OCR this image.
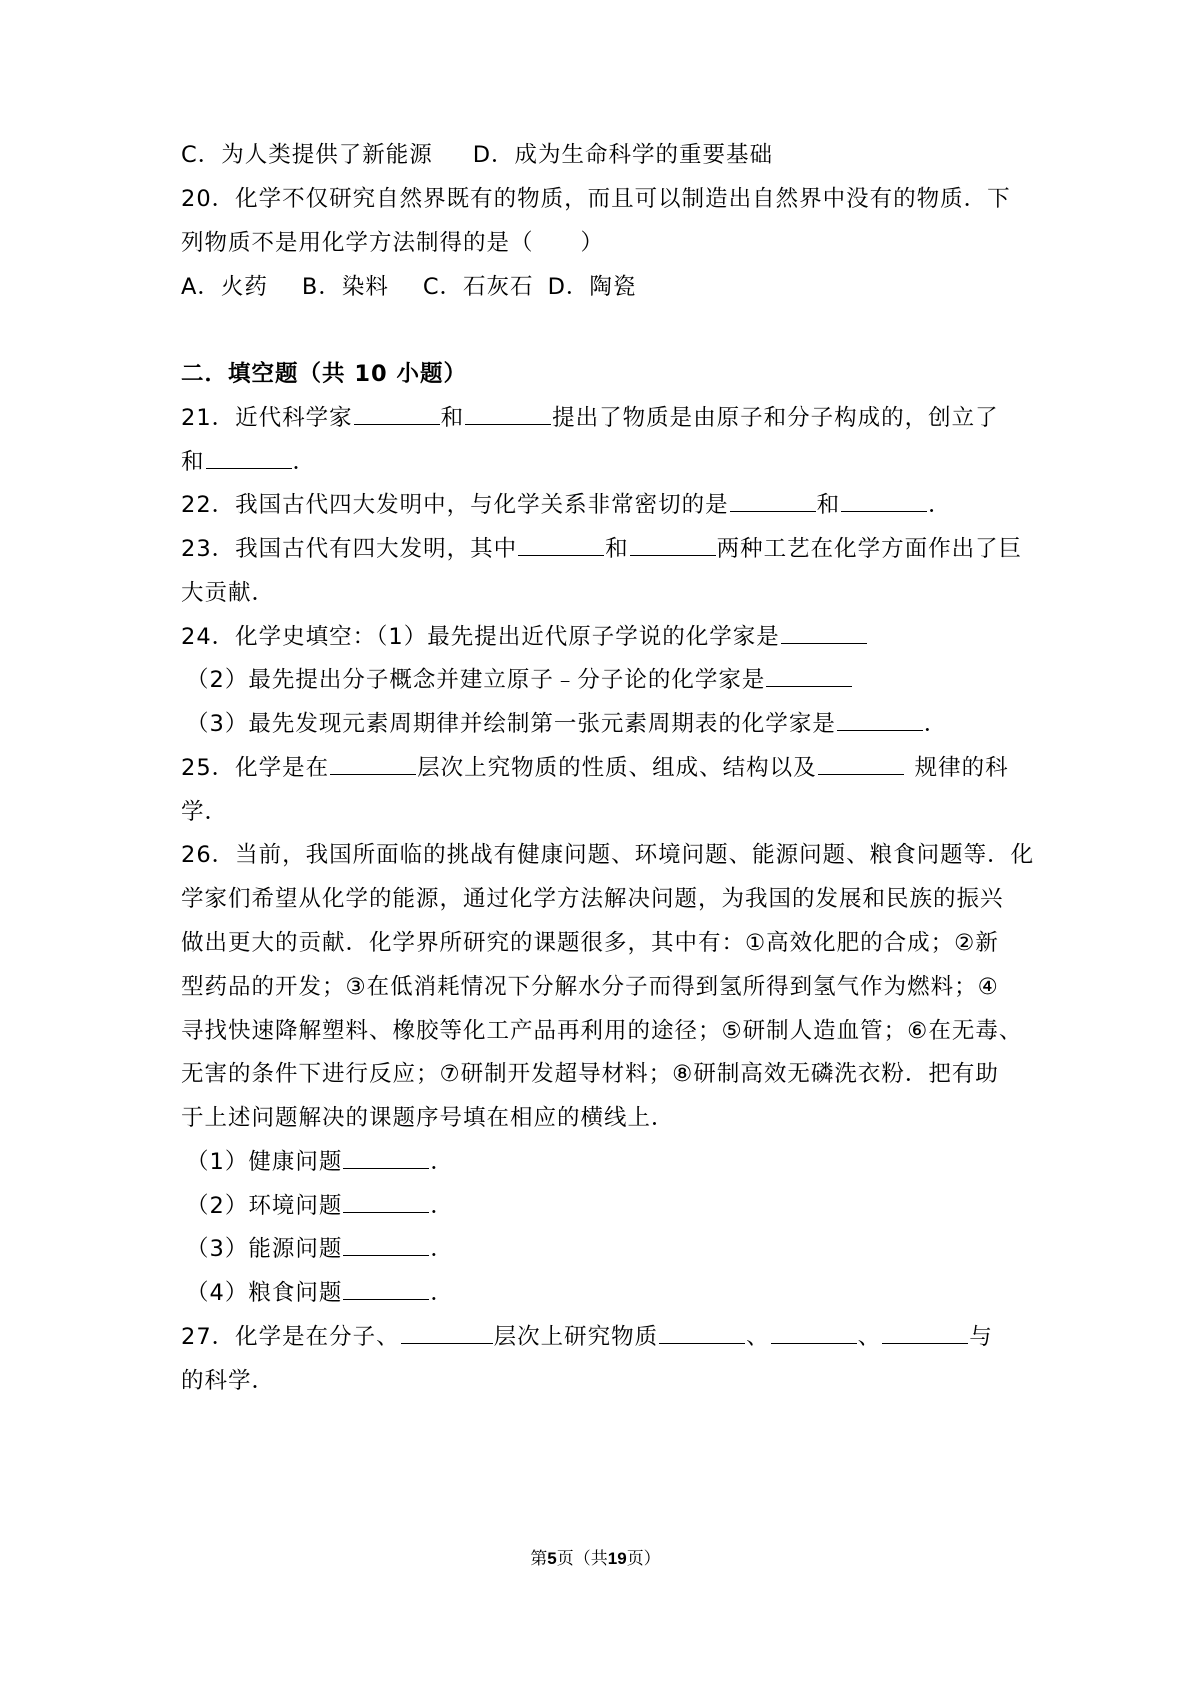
C．为人类提供了新能源 D．成为生命科学的重要基础
20．化学不仅研究自然界既有的物质，而且可以制造出自然界中没有的物质．下
列物质不是用化学方法制得的是（　　）
A．火药 B．染料 C．石灰石 D．陶瓷
二．填空题（共 10 小题）
21．近代科学家	和	提出了物质是由原子和分子构成的，创立了
和	．
22．我国古代四大发明中，与化学关系非常密切的是	和	．
23．我国古代有四大发明，其中	和	两种工艺在化学方面作出了巨
大贡献．
24．化学史填空：（1）最先提出近代原子学说的化学家是
（2）最先提出分子概念并建立原子﹣分子论的化学家是
（3）最先发现元素周期律并绘制第一张元素周期表的化学家是	．
25．化学是在	层次上究物质的性质、组成、结构以及	规律的科
学．
26．当前，我国所面临的挑战有健康问题、环境问题、能源问题、粮食问题等．化
学家们希望从化学的能源，通过化学方法解决问题，为我国的发展和民族的振兴
做出更大的贡献．化学界所研究的课题很多，其中有：①高效化肥的合成；②新
型药品的开发；③在低消耗情况下分解水分子而得到氢所得到氢气作为燃料；④
寻找快速降解塑料、橡胶等化工产品再利用的途径；⑤研制人造血管；⑥在无毒、
无害的条件下进行反应；⑦研制开发超导材料；⑧研制高效无磷洗衣粉．把有助
于上述问题解决的课题序号填在相应的横线上．
（1）健康问题	．
（2）环境问题	．
（3）能源问题	．
（4）粮食问题	．
27．化学是在分子、	层次上研究物质	、	、	与
的科学．
第5页（共19页）
